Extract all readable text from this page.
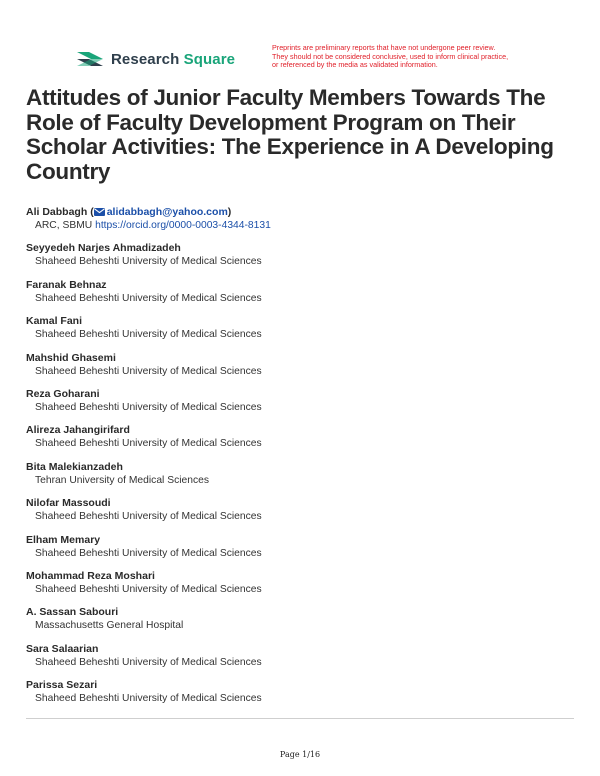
Research Square
Preprints are preliminary reports that have not undergone peer review.
They should not be considered conclusive, used to inform clinical practice,
or referenced by the media as validated information.
Attitudes of Junior Faculty Members Towards The Role of Faculty Development Program on Their Scholar Activities: The Experience in A Developing Country
Ali Dabbagh ( alidabbagh@yahoo.com)
ARC, SBMU https://orcid.org/0000-0003-4344-8131
Seyyedeh Narjes Ahmadizadeh
Shaheed Beheshti University of Medical Sciences
Faranak Behnaz
Shaheed Beheshti University of Medical Sciences
Kamal Fani
Shaheed Beheshti University of Medical Sciences
Mahshid Ghasemi
Shaheed Beheshti University of Medical Sciences
Reza Goharani
Shaheed Beheshti University of Medical Sciences
Alireza Jahangirifard
Shaheed Beheshti University of Medical Sciences
Bita Malekianzadeh
Tehran University of Medical Sciences
Nilofar Massoudi
Shaheed Beheshti University of Medical Sciences
Elham Memary
Shaheed Beheshti University of Medical Sciences
Mohammad Reza Moshari
Shaheed Beheshti University of Medical Sciences
A. Sassan Sabouri
Massachusetts General Hospital
Sara Salaarian
Shaheed Beheshti University of Medical Sciences
Parissa Sezari
Shaheed Beheshti University of Medical Sciences
Page 1/16
